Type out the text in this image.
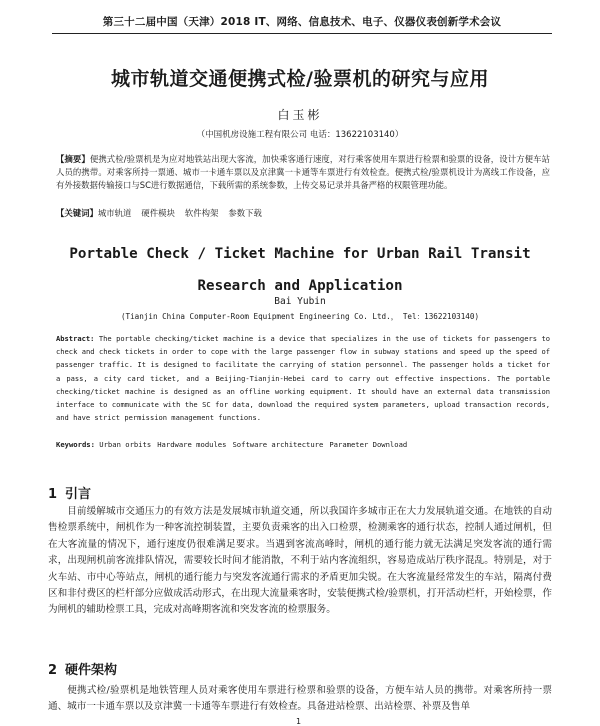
第三十二届中国（天津）2018 IT、网络、信息技术、电子、仪器仪表创新学术会议
城市轨道交通便携式检/验票机的研究与应用
白玉彬
（中国机房设施工程有限公司 电话：13622103140）
【摘要】便携式检/验票机是为应对地铁站出现大客流，加快乘客通行速度，对行乘客使用车票进行检票和验票的设备，设计方便车站人员的携带。对乘客所持一票通、城市一卡通车票以及京津冀一卡通等车票进行有效检查。便携式检/验票机设计为离线工作设备，应有外接数据传输接口与SC进行数据通信，下载所需的系统参数，上传交易记录并具备严格的权限管理功能。
【关键词】城市轨道 硬件模块 软件构架 参数下载
Portable Check / Ticket Machine for Urban Rail Transit
Research and Application
Bai Yubin
(Tianjin China Computer-Room Equipment Engineering Co. Ltd.， Tel：13622103140)
Abstract: The portable checking/ticket machine is a device that specializes in the use of tickets for passengers to check and check tickets in order to cope with the large passenger flow in subway stations and speed up the speed of passenger traffic. It is designed to facilitate the carrying of station personnel. The passenger holds a ticket for a pass, a city card ticket, and a Beijing-Tianjin-Hebei card to carry out effective inspections. The portable checking/ticket machine is designed as an offline working equipment. It should have an external data transmission interface to communicate with the SC for data, download the required system parameters, upload transaction records, and have strict permission management functions.
Keywords: Urban orbits Hardware modules Software architecture Parameter Download
1 引言
目前缓解城市交通压力的有效方法是发展城市轨道交通，所以我国许多城市正在大力发展轨道交通。在地铁的自动售检票系统中，闸机作为一种客流控制装置，主要负责乘客的出入口检票，检测乘客的通行状态，控制人通过闸机，但在大客流量的情况下，通行速度仍很难满足要求。当遇到客流高峰时，闸机的通行能力就无法满足突发客流的通行需求，出现闸机前客流排队情况，需要较长时间才能消散，不利于站内客流组织，容易造成站厅秩序混乱。特别是，对于火车站、市中心等站点，闸机的通行能力与突发客流通行需求的矛盾更加尖锐。在大客流量经常发生的车站，隔离付费区和非付费区的栏杆部分应做成活动形式，在出现大流量乘客时，安装便携式检/验票机，打开活动栏杆，开始检票，作为闸机的辅助检票工具，完成对高峰期客流和突发客流的检票服务。
2 硬件架构
便携式检/验票机是地铁管理人员对乘客使用车票进行检票和验票的设备，方便车站人员的携带。对乘客所持一票通、城市一卡通车票以及京津冀一卡通等车票进行有效检查。具备进站检票、出站检票、补票及售单
1
